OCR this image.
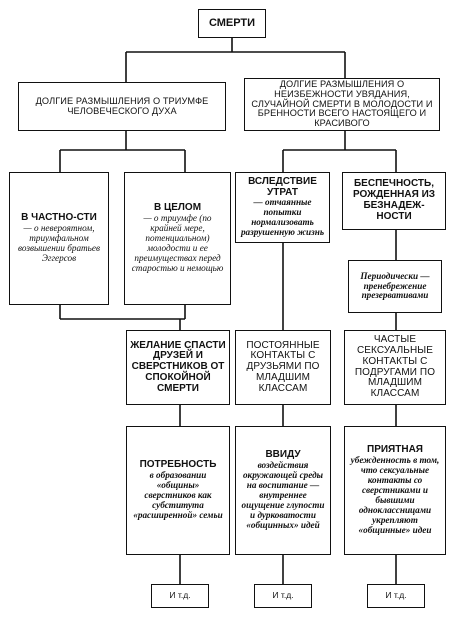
СМЕРТИ
ДОЛГИЕ РАЗМЫШЛЕНИЯ О ТРИУМФЕ ЧЕЛОВЕЧЕСКОГО ДУХА
ДОЛГИЕ РАЗМЫШЛЕНИЯ О НЕИЗБЕЖНОСТИ УВЯДАНИЯ, СЛУЧАЙНОЙ СМЕРТИ В МОЛОДОСТИ И БРЕННОСТИ ВСЕГО НАСТОЯЩЕГО И КРАСИВОГО
В ЧАСТНО-СТИ
— о невероятном, триумфальном возвышении братьев Эггерсов
В ЦЕЛОМ
— о триумфе (по крайней мере, потенциальном) молодости и ее преимуществах перед старостью и немощью
ВСЛЕДСТВИЕ УТРАТ
— отчаянные попытки нормализовать разрушенную жизнь
БЕСПЕЧНОСТЬ, РОЖДЕННАЯ ИЗ БЕЗНАДЕЖ-НОСТИ
Периодически — пренебрежение презервативами
ЖЕЛАНИЕ СПАСТИ ДРУЗЕЙ И СВЕРСТНИКОВ ОТ СПОКОЙНОЙ СМЕРТИ
ПОСТОЯННЫЕ КОНТАКТЫ С ДРУЗЬЯМИ ПО МЛАДШИМ КЛАССАМ
ЧАСТЫЕ СЕКСУАЛЬНЫЕ КОНТАКТЫ С ПОДРУГАМИ ПО МЛАДШИМ КЛАССАМ
ПОТРЕБНОСТЬ
в образовании «общины» сверстников как субститута «расширенной» семьи
ВВИДУ
воздействия окружающей среды на воспитание — внутреннее ощущение глупости и дурковатости «общинных» идей
ПРИЯТНАЯ
убежденность в том, что сексуальные контакты со сверстниками и бывшими одноклассницами укрепляют «общинные» идеи
И т.д.	И т.д.	И т.д.
